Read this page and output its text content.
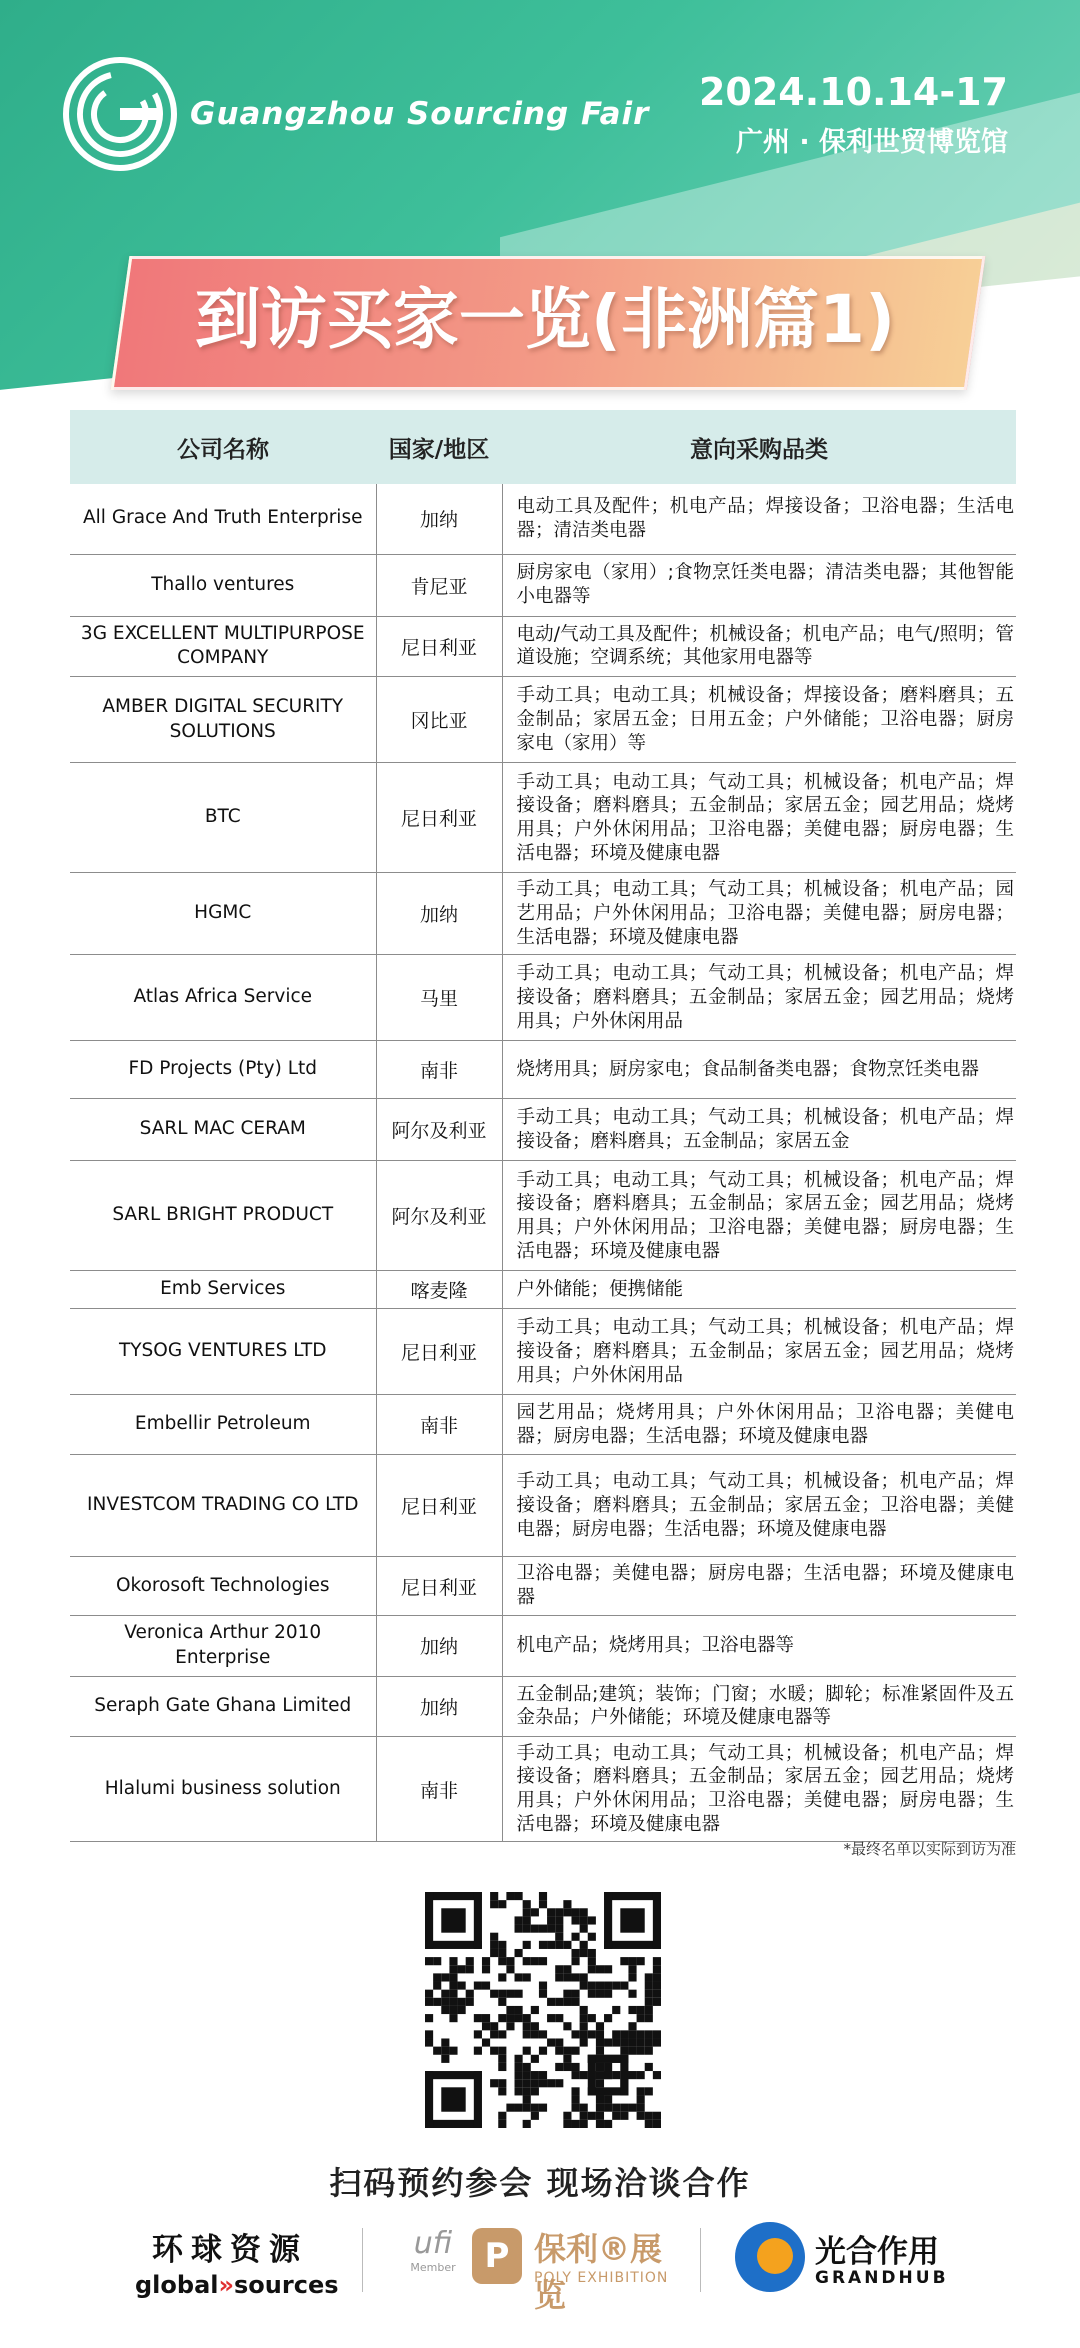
Guangzhou Sourcing Fair 2024.10.14-17
广州 · 保利世贸博览馆
到访买家一览(非洲篇1)
公司名称	国家/地区	意向采购品类
All Grace And Truth Enterprise	加纳	电动工具及配件；机电产品；焊接设备；卫浴电器；生活电器；清洁类电器
Thallo ventures	肯尼亚	厨房家电（家用）;食物烹饪类电器；清洁类电器；其他智能小电器等
3G EXCELLENT MULTIPURPOSE COMPANY	尼日利亚	电动/气动工具及配件；机械设备；机电产品；电气/照明；管道设施；空调系统；其他家用电器等
AMBER DIGITAL SECURITY SOLUTIONS	冈比亚	手动工具；电动工具；机械设备；焊接设备；磨料磨具；五金制品；家居五金；日用五金；户外储能；卫浴电器；厨房家电（家用）等
BTC	尼日利亚	手动工具；电动工具；气动工具；机械设备；机电产品；焊接设备；磨料磨具；五金制品；家居五金；园艺用品；烧烤用具；户外休闲用品；卫浴电器；美健电器；厨房电器；生活电器；环境及健康电器
HGMC	加纳	手动工具；电动工具；气动工具；机械设备；机电产品；园艺用品；户外休闲用品；卫浴电器；美健电器；厨房电器；生活电器；环境及健康电器
Atlas Africa Service	马里	手动工具；电动工具；气动工具；机械设备；机电产品；焊接设备；磨料磨具；五金制品；家居五金；园艺用品；烧烤用具；户外休闲用品
FD Projects (Pty) Ltd	南非	烧烤用具；厨房家电；食品制备类电器；食物烹饪类电器
SARL MAC CERAM	阿尔及利亚	手动工具；电动工具；气动工具；机械设备；机电产品；焊接设备；磨料磨具；五金制品；家居五金
SARL BRIGHT PRODUCT	阿尔及利亚	手动工具；电动工具；气动工具；机械设备；机电产品；焊接设备；磨料磨具；五金制品；家居五金；园艺用品；烧烤用具；户外休闲用品；卫浴电器；美健电器；厨房电器；生活电器；环境及健康电器
Emb Services	喀麦隆	户外储能；便携储能
TYSOG VENTURES LTD	尼日利亚	手动工具；电动工具；气动工具；机械设备；机电产品；焊接设备；磨料磨具；五金制品；家居五金；园艺用品；烧烤用具；户外休闲用品
Embellir Petroleum	南非	园艺用品；烧烤用具；户外休闲用品；卫浴电器；美健电器；厨房电器；生活电器；环境及健康电器
INVESTCOM TRADING CO LTD	尼日利亚	手动工具；电动工具；气动工具；机械设备；机电产品；焊接设备；磨料磨具；五金制品；家居五金；卫浴电器；美健电器；厨房电器；生活电器；环境及健康电器
Okorosoft Technologies	尼日利亚	卫浴电器；美健电器；厨房电器；生活电器；环境及健康电器
Veronica Arthur 2010 Enterprise	加纳	机电产品；烧烤用具；卫浴电器等
Seraph Gate Ghana Limited	加纳	五金制品;建筑；装饰；门窗；水暖；脚轮；标准紧固件及五金杂品；户外储能；环境及健康电器等
Hlalumi business solution	南非	手动工具；电动工具；气动工具；机械设备；机电产品；焊接设备；磨料磨具；五金制品；家居五金；园艺用品；烧烤用具；户外休闲用品；卫浴电器；美健电器；厨房电器；生活电器；环境及健康电器
*最终名单以实际到访为准
扫码预约参会 现场洽谈合作
环球资源
global»sources
ufi
Member P 保利®展览
POLY EXHIBITION
光合作用
GRANDHUB
